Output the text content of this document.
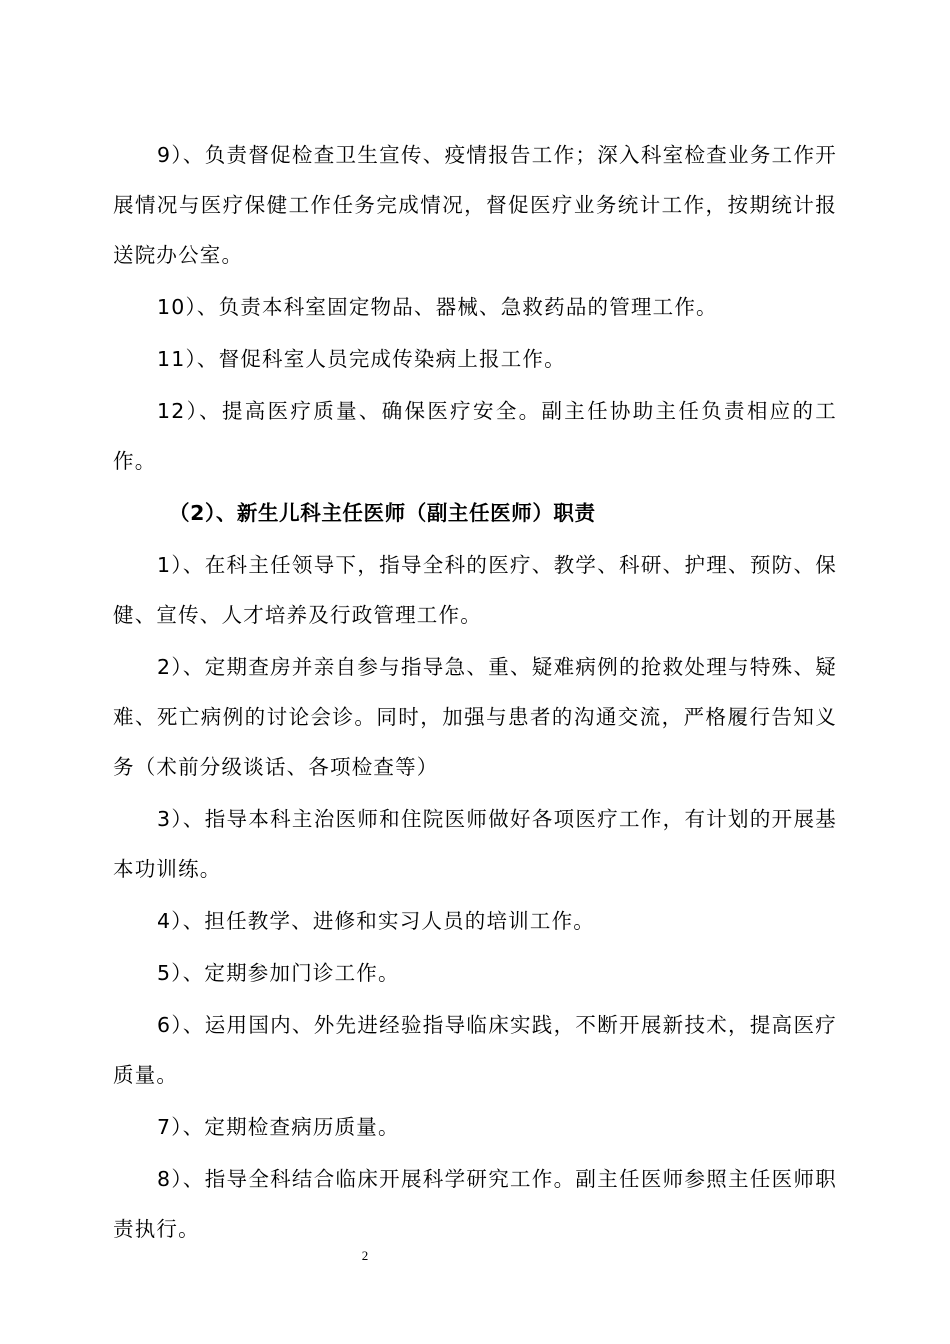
9）、负责督促检查卫生宣传、疫情报告工作；深入科室检查业务工作开展情况与医疗保健工作任务完成情况，督促医疗业务统计工作，按期统计报送院办公室。

10）、负责本科室固定物品、器械、急救药品的管理工作。

11）、督促科室人员完成传染病上报工作。

12）、提高医疗质量、确保医疗安全。副主任协助主任负责相应的工作。

（2）、新生儿科主任医师（副主任医师）职责

1）、在科主任领导下，指导全科的医疗、教学、科研、护理、预防、保健、宣传、人才培养及行政管理工作。

2）、定期查房并亲自参与指导急、重、疑难病例的抢救处理与特殊、疑难、死亡病例的讨论会诊。同时，加强与患者的沟通交流，严格履行告知义务（术前分级谈话、各项检查等）

3）、指导本科主治医师和住院医师做好各项医疗工作，有计划的开展基本功训练。

4）、担任教学、进修和实习人员的培训工作。

5）、定期参加门诊工作。

6）、运用国内、外先进经验指导临床实践，不断开展新技术，提高医疗质量。

7）、定期检查病历质量。

8）、指导全科结合临床开展科学研究工作。副主任医师参照主任医师职责执行。

2
